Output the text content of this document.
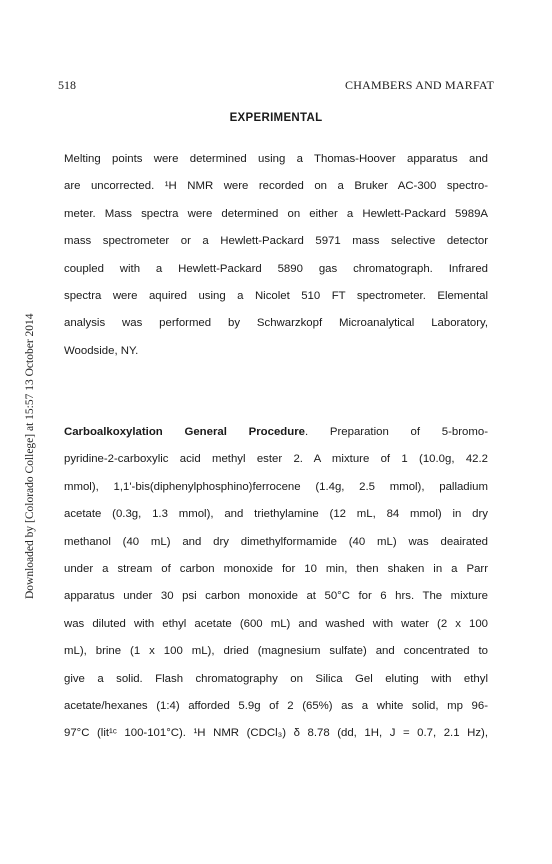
518	CHAMBERS AND MARFAT
EXPERIMENTAL
Melting points were determined using a Thomas-Hoover apparatus and
are uncorrected. ¹H NMR were recorded on a Bruker AC-300 spectro-
meter. Mass spectra were determined on either a Hewlett-Packard 5989A
mass spectrometer or a Hewlett-Packard 5971 mass selective detector
coupled with a Hewlett-Packard 5890 gas chromatograph. Infrared
spectra were aquired using a Nicolet 510 FT spectrometer. Elemental
analysis was performed by Schwarzkopf Microanalytical Laboratory,
Woodside, NY.
Carboalkoxylation General Procedure. Preparation of 5-bromo-
pyridine-2-carboxylic acid methyl ester 2. A mixture of 1 (10.0g, 42.2
mmol), 1,1'-bis(diphenylphosphino)ferrocene (1.4g, 2.5 mmol), palladium
acetate (0.3g, 1.3 mmol), and triethylamine (12 mL, 84 mmol) in dry
methanol (40 mL) and dry dimethylformamide (40 mL) was deairated
under a stream of carbon monoxide for 10 min, then shaken in a Parr
apparatus under 30 psi carbon monoxide at 50°C for 6 hrs. The mixture
was diluted with ethyl acetate (600 mL) and washed with water (2 x 100
mL), brine (1 x 100 mL), dried (magnesium sulfate) and concentrated to
give a solid. Flash chromatography on Silica Gel eluting with ethyl
acetate/hexanes (1:4) afforded 5.9g of 2 (65%) as a white solid, mp 96-
97°C (lit¹ᶜ 100-101°C). ¹H NMR (CDCl₃) δ 8.78 (dd, 1H, J = 0.7, 2.1 Hz),
Downloaded by [Colorado College] at 15:57 13 October 2014
